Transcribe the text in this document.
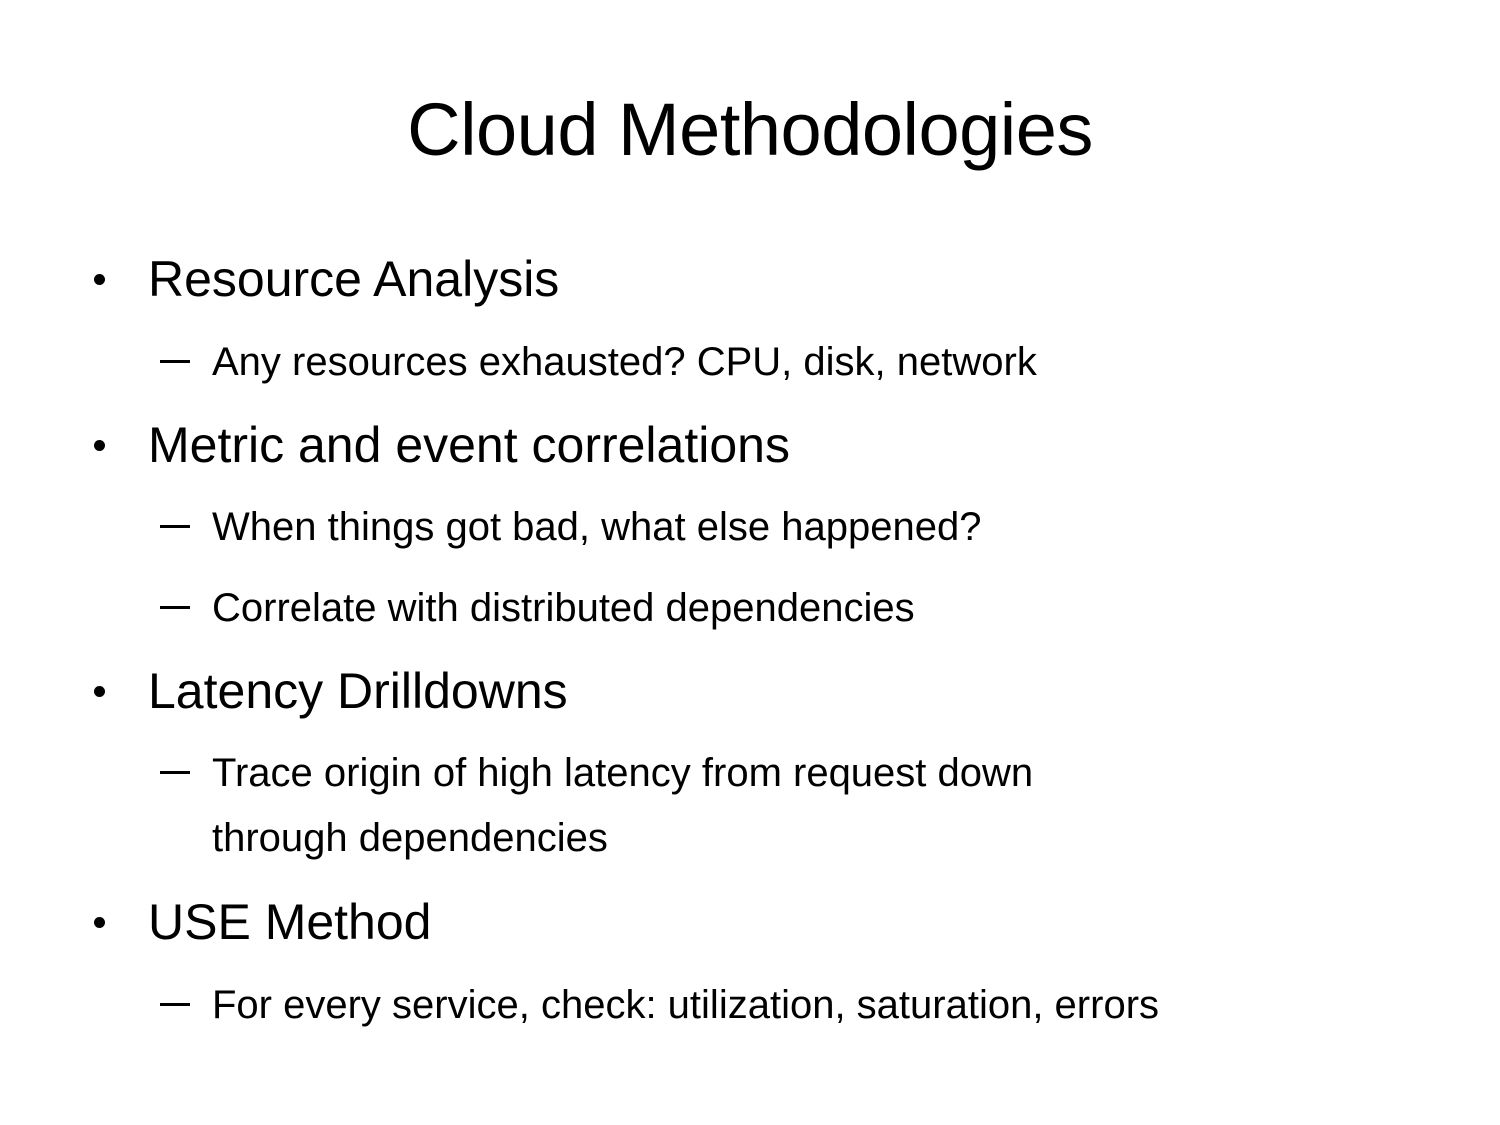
Cloud Methodologies
Resource Analysis
Any resources exhausted? CPU, disk, network
Metric and event correlations
When things got bad, what else happened?
Correlate with distributed dependencies
Latency Drilldowns
Trace origin of high latency from request down
through dependencies
USE Method
For every service, check: utilization, saturation, errors
